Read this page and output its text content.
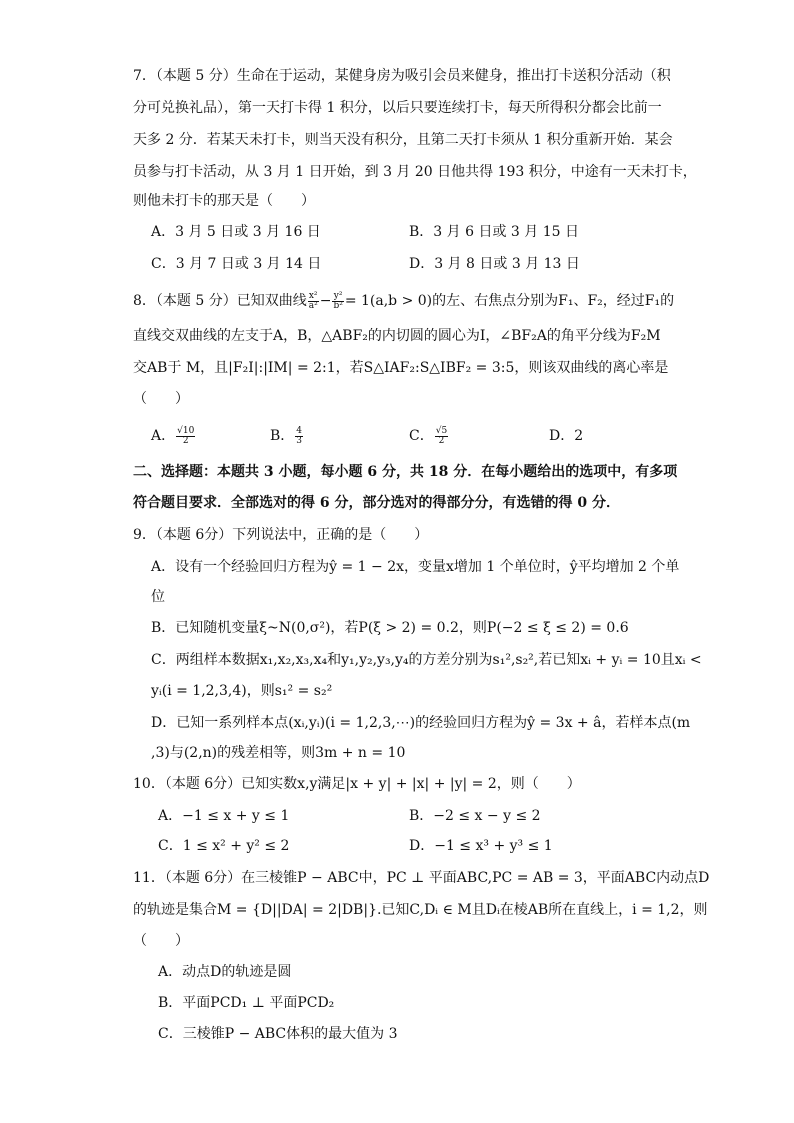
7．（本题 5 分）生命在于运动，某健身房为吸引会员来健身，推出打卡送积分活动（积
分可兑换礼品），第一天打卡得 1 积分，以后只要连续打卡，每天所得积分都会比前一
天多 2 分．若某天未打卡，则当天没有积分，且第二天打卡须从 1 积分重新开始．某会
员参与打卡活动，从 3 月 1 日开始，到 3 月 20 日他共得 193 积分，中途有一天未打卡，
则他未打卡的那天是（　　）
A．3 月 5 日或 3 月 16 日	B．3 月 6 日或 3 月 15 日
C．3 月 7 日或 3 月 14 日	D．3 月 8 日或 3 月 13 日
8．（本题 5 分）已知双曲线 $\frac{\text{x²}}{\text{a²}} - \frac{\text{y²}}{\text{b²}} = 1(a,b > 0)$的左、右焦点分别为F₁、F₂，经过F₁的
直线交双曲线的左支于A，B，△ABF₂的内切圆的圆心为I，∠BF₂A的角平分线为F₂M
交AB于 M，且|F₂I|:|IM| = 2:1，若S△IAF₂:S△IBF₂ = 3:5，则该双曲线的离心率是
（　　）
A． $\frac{√10}{2}$	B． $\frac{4}{3}$	C． $\frac{√5}{2}$	D．2
二、选择题：本题共 3 小题，每小题 6 分，共 18 分．在每小题给出的选项中，有多项
符合题目要求．全部选对的得 6 分，部分选对的得部分分，有选错的得 0 分．
9．（本题 6分）下列说法中，正确的是（　　）
A．设有一个经验回归方程为ŷ = 1 − 2x，变量x增加 1 个单位时，ŷ平均增加 2 个单
位
B．已知随机变量ξ~N(0,σ²)，若P(ξ > 2) = 0.2，则P(−2 ≤ ξ ≤ 2) = 0.6
C．两组样本数据x₁,x₂,x₃,x₄和y₁,y₂,y₃,y₄的方差分别为s₁²,s₂²,若已知xᵢ + yᵢ = 10且xᵢ <
yᵢ(i = 1,2,3,4)，则s₁² = s₂²
D．已知一系列样本点(xᵢ,yᵢ)(i = 1,2,3,⋯)的经验回归方程为ŷ = 3x + â，若样本点(m
,3)与(2,n)的残差相等，则3m + n = 10
10．（本题 6分）已知实数x,y满足|x + y| + |x| + |y| = 2，则（　　）
A．−1 ≤ x + y ≤ 1	B．−2 ≤ x − y ≤ 2
C．1 ≤ x² + y² ≤ 2	D．−1 ≤ x³ + y³ ≤ 1
11．（本题 6分）在三棱锥P − ABC中，PC ⊥ 平面ABC,PC = AB = 3，平面ABC内动点D
的轨迹是集合M = {D||DA| = 2|DB|}.已知C,Dᵢ ∈ M且Dᵢ在棱AB所在直线上，i = 1,2，则
（　　）
A．动点D的轨迹是圆
B．平面PCD₁ ⊥ 平面PCD₂
C．三棱锥P − ABC体积的最大值为 3
